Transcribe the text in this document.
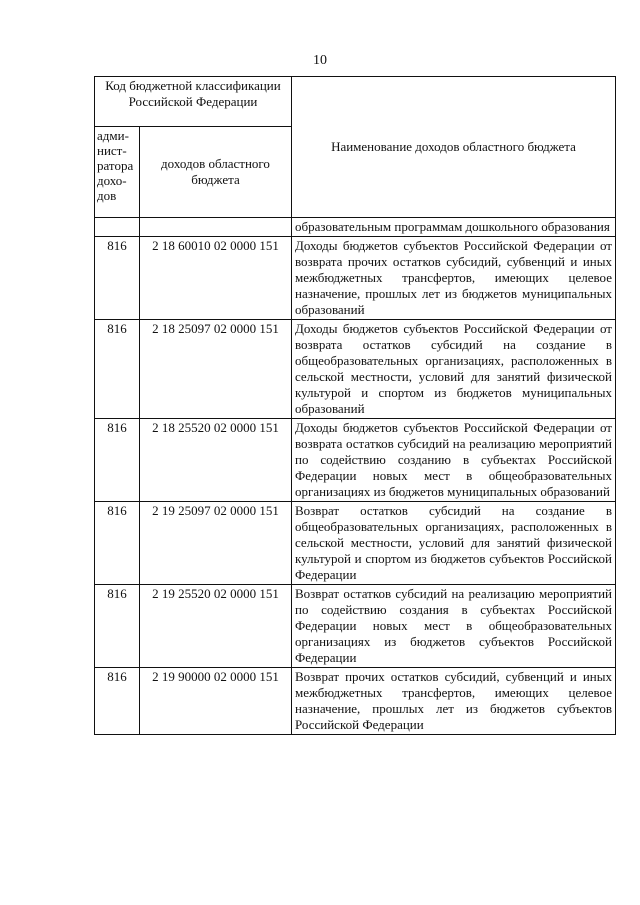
10
Код бюджетной классификации Российской Федерации		Наименование доходов областного бюджета
адми-нист-ратора дохо-дов	доходов областного бюджета	
		образовательным программам дошкольного образования
816	2 18 60010 02 0000 151	Доходы бюджетов субъектов Российской Федерации от возврата прочих остатков субсидий, субвенций и иных межбюджетных трансфертов, имеющих целевое назначение, прошлых лет из бюджетов муниципальных образований
816	2 18 25097 02 0000 151	Доходы бюджетов субъектов Российской Федерации от возврата остатков субсидий на создание в общеобразовательных организациях, расположенных в сельской местности, условий для занятий физической культурой и спортом из бюджетов муниципальных образований
816	2 18 25520 02 0000 151	Доходы бюджетов субъектов Российской Федерации от возврата остатков субсидий на реализацию мероприятий по содействию созданию в субъектах Российской Федерации новых мест в общеобразовательных организациях из бюджетов муниципальных образований
816	2 19 25097 02 0000 151	Возврат остатков субсидий на создание в общеобразовательных организациях, расположенных в сельской местности, условий для занятий физической культурой и спортом из бюджетов субъектов Российской Федерации
816	2 19 25520 02 0000 151	Возврат остатков субсидий на реализацию мероприятий по содействию создания в субъектах Российской Федерации новых мест в общеобразовательных организациях из бюджетов субъектов Российской Федерации
816	2 19 90000 02 0000 151	Возврат прочих остатков субсидий, субвенций и иных межбюджетных трансфертов, имеющих целевое назначение, прошлых лет из бюджетов субъектов Российской Федерации
